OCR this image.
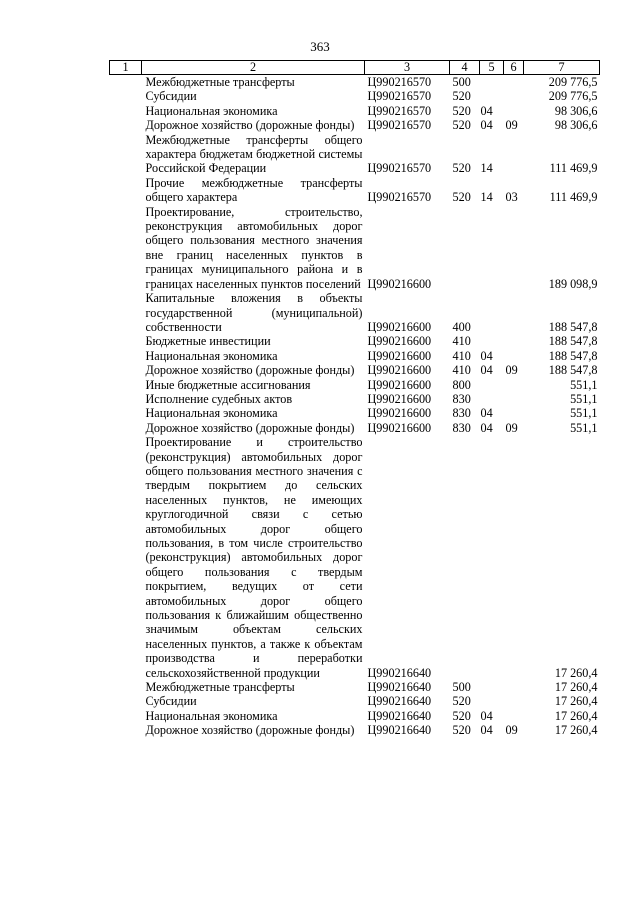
363
1	2	3	4	5	6	7
	Межбюджетные трансферты	Ц990216570	500			209 776,5
	Субсидии	Ц990216570	520			209 776,5
	Национальная экономика	Ц990216570	520	04		98 306,6
	Дорожное хозяйство (дорожные фонды)	Ц990216570	520	04	09	98 306,6
	Межбюджетные трансферты общего характера бюджетам бюджетной системы Российской Федерации	Ц990216570	520	14		111 469,9
	Прочие межбюджетные трансферты общего характера	Ц990216570	520	14	03	111 469,9
	Проектирование, строительство, реконструкция автомобильных дорог общего пользования местного значения вне границ населенных пунктов в границах муниципального района и в границах населенных пунктов поселений	Ц990216600				189 098,9
	Капитальные вложения в объекты государственной (муниципальной) собственности	Ц990216600	400			188 547,8
	Бюджетные инвестиции	Ц990216600	410			188 547,8
	Национальная экономика	Ц990216600	410	04		188 547,8
	Дорожное хозяйство (дорожные фонды)	Ц990216600	410	04	09	188 547,8
	Иные бюджетные ассигнования	Ц990216600	800			551,1
	Исполнение судебных актов	Ц990216600	830			551,1
	Национальная экономика	Ц990216600	830	04		551,1
	Дорожное хозяйство (дорожные фонды)	Ц990216600	830	04	09	551,1
	Проектирование и строительство (реконструкция) автомобильных дорог общего пользования местного значения с твердым покрытием до сельских населенных пунктов, не имеющих круглогодичной связи с сетью автомобильных дорог общего пользования, в том числе строительство (реконструкция) автомобильных дорог общего пользования с твердым покрытием, ведущих от сети автомобильных дорог общего пользования к ближайшим общественно значимым объектам сельских населенных пунктов, а также к объектам производства и переработки сельскохозяйственной продукции	Ц990216640				17 260,4
	Межбюджетные трансферты	Ц990216640	500			17 260,4
	Субсидии	Ц990216640	520			17 260,4
	Национальная экономика	Ц990216640	520	04		17 260,4
	Дорожное хозяйство (дорожные фонды)	Ц990216640	520	04	09	17 260,4
